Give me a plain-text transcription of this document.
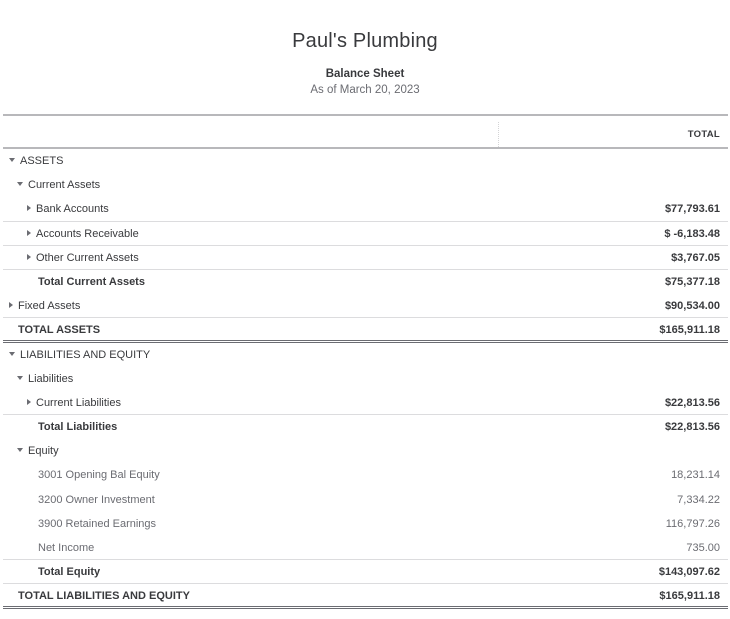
Paul's Plumbing
Balance Sheet
As of March 20, 2023
TOTAL
ASSETS
Current Assets
Bank Accounts	$77,793.61
Accounts Receivable	$ -6,183.48
Other Current Assets	$3,767.05
Total Current Assets	$75,377.18
Fixed Assets	$90,534.00
TOTAL ASSETS	$165,911.18
LIABILITIES AND EQUITY
Liabilities
Current Liabilities	$22,813.56
Total Liabilities	$22,813.56
Equity
3001 Opening Bal Equity	18,231.14
3200 Owner Investment	7,334.22
3900 Retained Earnings	116,797.26
Net Income	735.00
Total Equity	$143,097.62
TOTAL LIABILITIES AND EQUITY	$165,911.18
